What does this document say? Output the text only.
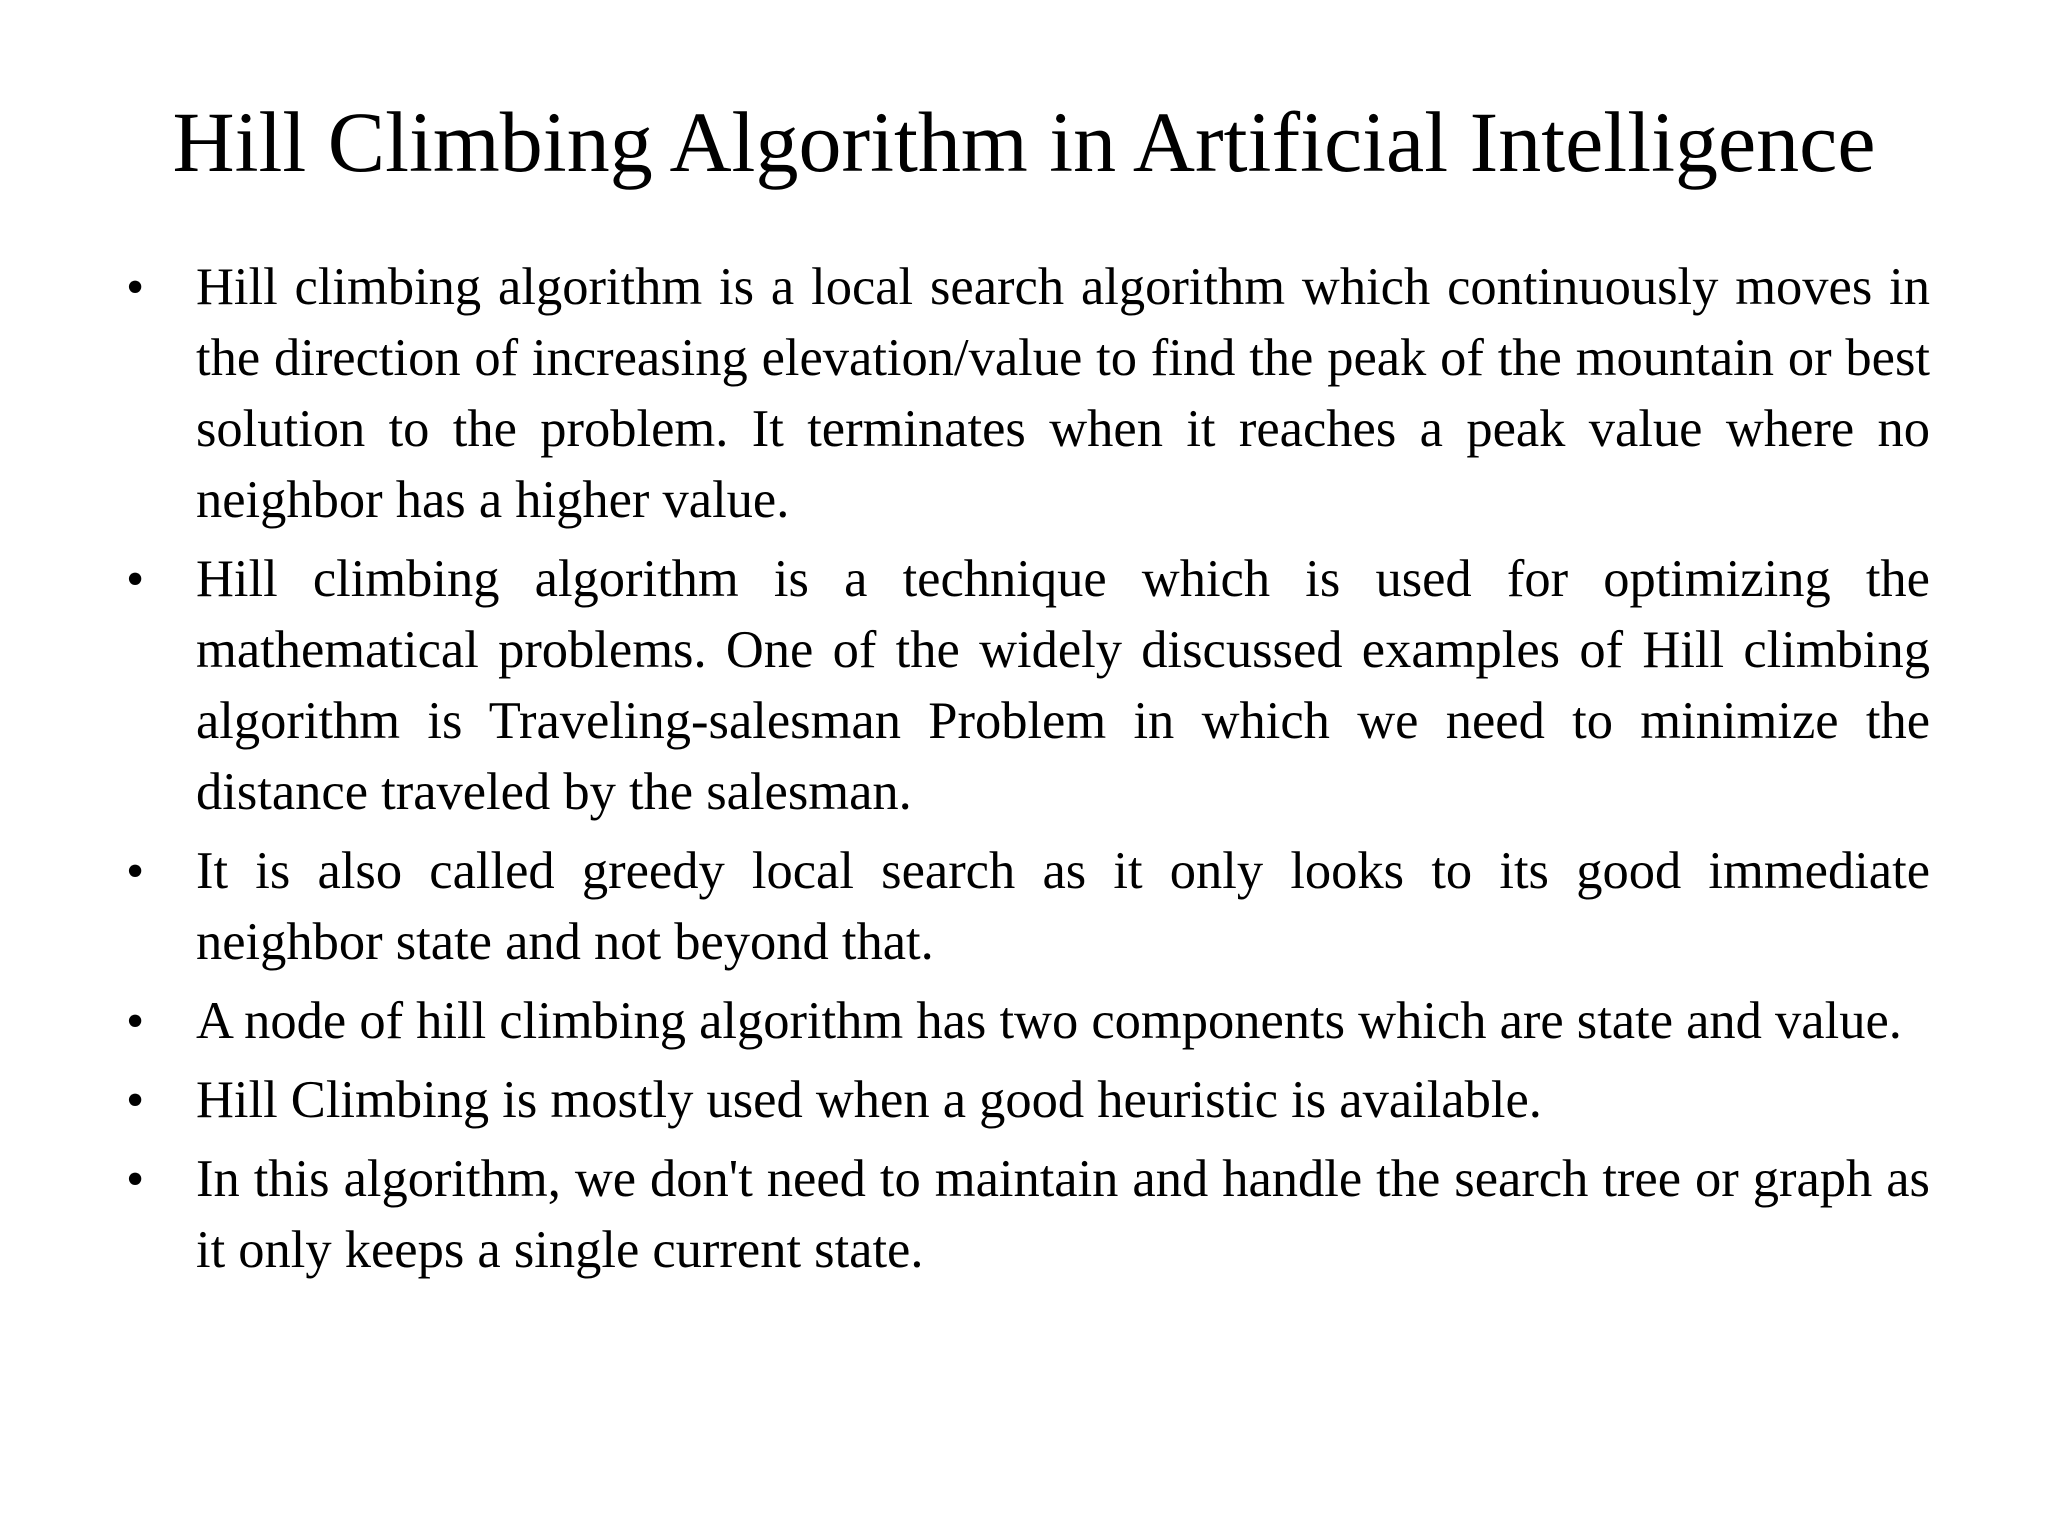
Hill Climbing Algorithm in Artificial Intelligence
• Hill climbing algorithm is a local search algorithm which continuously moves in the direction of increasing elevation/value to find the peak of the mountain or best solution to the problem. It terminates when it reaches a peak value where no neighbor has a higher value.
• Hill climbing algorithm is a technique which is used for optimizing the mathematical problems. One of the widely discussed examples of Hill climbing algorithm is Traveling-salesman Problem in which we need to minimize the distance traveled by the salesman.
• It is also called greedy local search as it only looks to its good immediate neighbor state and not beyond that.
• A node of hill climbing algorithm has two components which are state and value.
• Hill Climbing is mostly used when a good heuristic is available.
• In this algorithm, we don't need to maintain and handle the search tree or graph as it only keeps a single current state.
